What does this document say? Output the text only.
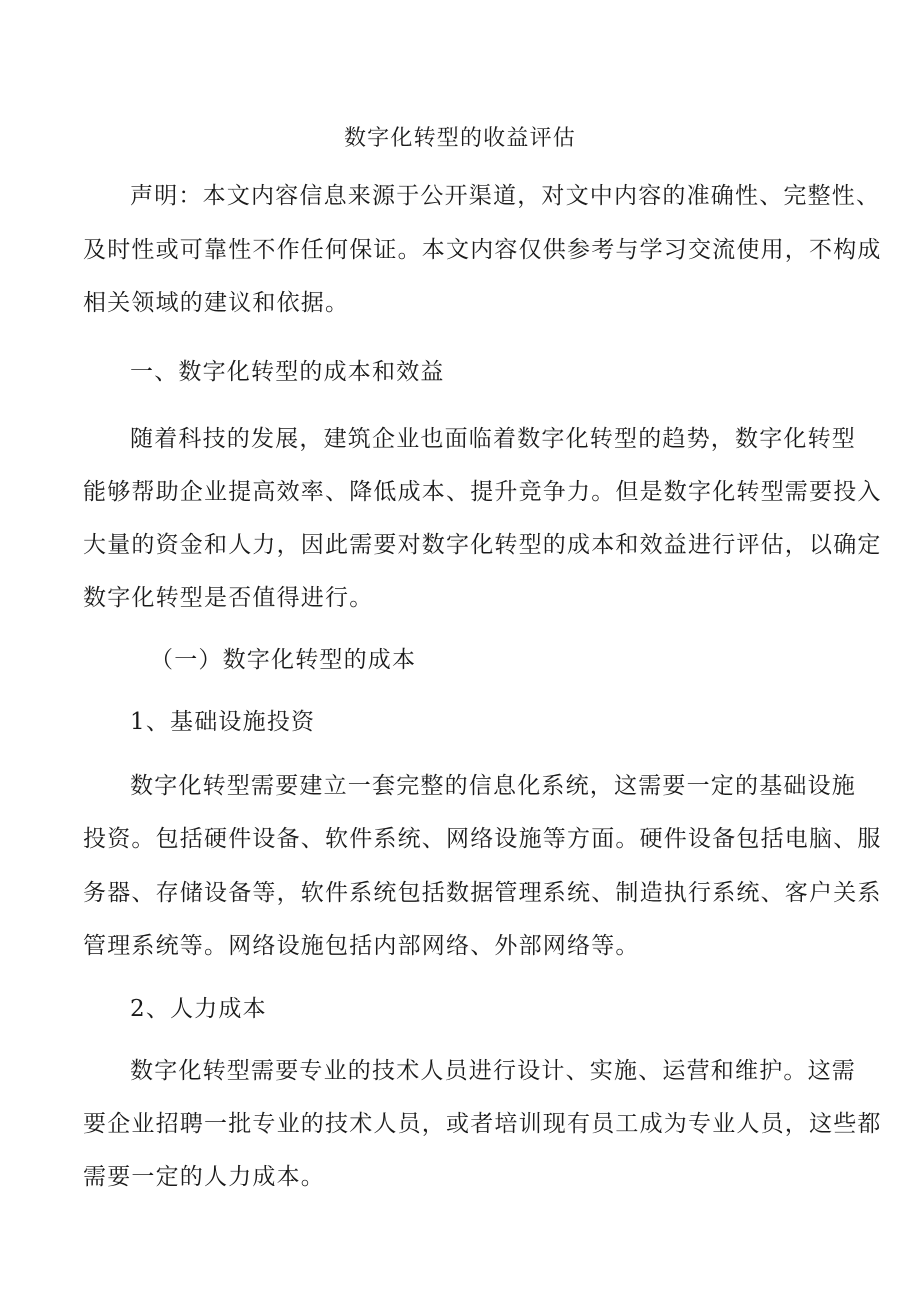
数字化转型的收益评估
声明：本文内容信息来源于公开渠道，对文中内容的准确性、完整性、
及时性或可靠性不作任何保证。本文内容仅供参考与学习交流使用，不构成
相关领域的建议和依据。
一、数字化转型的成本和效益
随着科技的发展，建筑企业也面临着数字化转型的趋势，数字化转型
能够帮助企业提高效率、降低成本、提升竞争力。但是数字化转型需要投入
大量的资金和人力，因此需要对数字化转型的成本和效益进行评估，以确定
数字化转型是否值得进行。
（一）数字化转型的成本
1、基础设施投资
数字化转型需要建立一套完整的信息化系统，这需要一定的基础设施
投资。包括硬件设备、软件系统、网络设施等方面。硬件设备包括电脑、服
务器、存储设备等，软件系统包括数据管理系统、制造执行系统、客户关系
管理系统等。网络设施包括内部网络、外部网络等。
2、人力成本
数字化转型需要专业的技术人员进行设计、实施、运营和维护。这需
要企业招聘一批专业的技术人员，或者培训现有员工成为专业人员，这些都
需要一定的人力成本。
